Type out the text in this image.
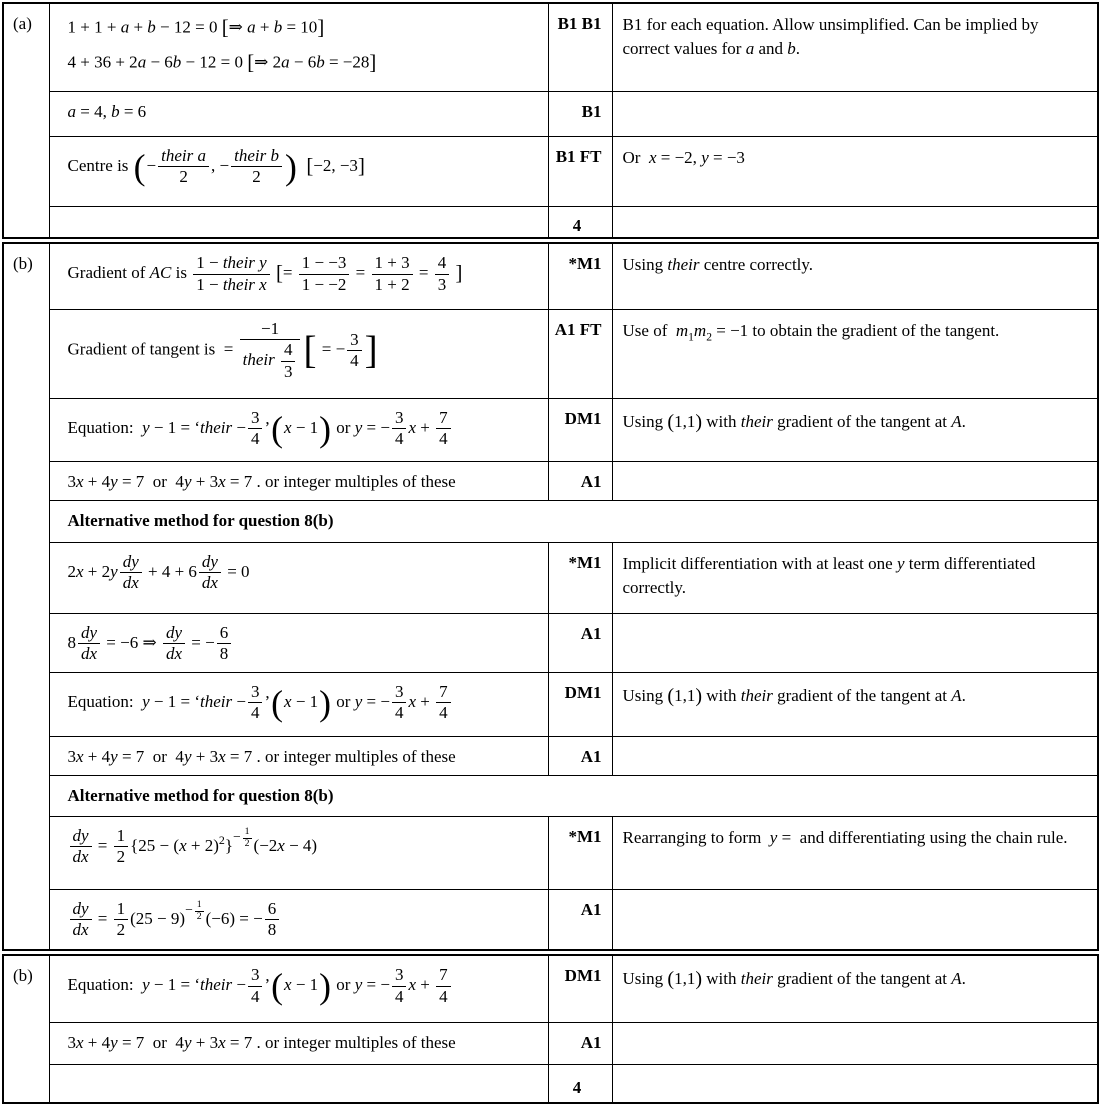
(a)	1 + 1 + a + b − 12 = 0 [⇒ a + b = 10]
4 + 36 + 2a − 6b − 12 = 0 [⇒ 2a − 6b = −28]	B1 B1	B1 for each equation. Allow unsimplified. Can be implied by correct values for a and b.
	a = 4, b = 6	B1	
Centre is (−
their a
2
, −
their b
2 ) [−2, −3]	B1 FT	Or  x = −2, y = −3
		4	
(b)	Gradient of AC is
1 − their y
1 − their x [= $\frac{1 - -3}{1 - -2} = \frac{1 + 3}{1 + 2} = \frac{4}{3}$ ]	*M1	Using their centre correctly.
Gradient of tangent is  =
−1
their $\frac{4}{3}$ [ = − $\frac{3}{4}$ ]	A1 FT	Use of  $m_1m_2 = -1$ to obtain the gradient of the tangent.
Equation:  y − 1 = ‘their − $\frac{3}{4}$ ’(x − 1) or y = − $\frac{3}{4}$ $x + \frac{7}{4}$	DM1	Using (1,1) with their gradient of the tangent at A.
	3x + 4y = 7  or  4y + 3x = 7 . or integer multiples of these	A1	
	Alternative method for question 8(b)		
$2x + 2y \frac{dy}{dx} + 4 + 6 \frac{dy}{dx} = 0$	*M1	Implicit differentiation with at least one y term differentiated correctly.
$8 \frac{dy}{dx} = -6$ ⇒ $\frac{dy}{dx}$ = − $\frac{6}{8}$	A1	
Equation:  y − 1 = ‘their − $\frac{3}{4}$ ’(x − 1) or y = − $\frac{3}{4}$ $x + \frac{7}{4}$	DM1	Using (1,1) with their gradient of the tangent at A.
	3x + 4y = 7  or  4y + 3x = 7 . or integer multiples of these	A1	
	Alternative method for question 8(b)		

$\frac{dy}{dx} = \frac{1}{2} \{25 - (x + 2)^2\}^{- \frac{1}{2}}$ (−2x − 4)	*M1	Rearranging to form  y =  and differentiating using the chain rule.

$\frac{dy}{dx} = \frac{1}{2} (25 - 9)^{- \frac{1}{2}}$ (−6) = − $\frac{6}{8}$	A1	
(b)	Equation:  y − 1 = ‘their − $\frac{3}{4}$ ’(x − 1) or y = − $\frac{3}{4}$ $x + \frac{7}{4}$	DM1	Using (1,1) with their gradient of the tangent at A.
	3x + 4y = 7  or  4y + 3x = 7 . or integer multiples of these	A1	
		4	
